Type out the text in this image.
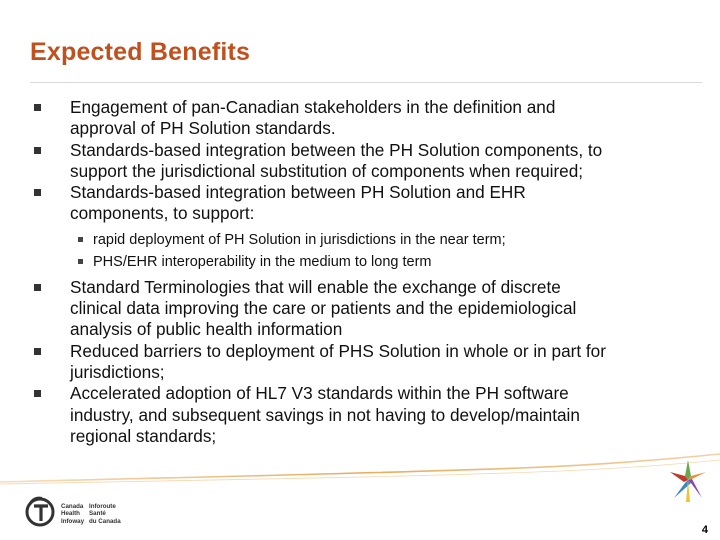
Expected Benefits
Engagement of pan-Canadian stakeholders in the definition and
approval of PH Solution standards.
Standards-based integration between the PH Solution components, to
support the jurisdictional substitution of components when required;
Standards-based integration between PH Solution and EHR
components, to support:
rapid deployment of PH Solution in jurisdictions in the near term;
PHS/EHR interoperability in the medium to long term
Standard Terminologies that will enable the exchange of discrete
clinical data improving the care or patients and the epidemiological
analysis of public health information
Reduced barriers to deployment of PHS Solution in whole or in part for
jurisdictions;
Accelerated adoption of HL7 V3 standards within the PH software
industry, and subsequent savings in not having to develop/maintain
regional standards;
Canada
Health
Infoway
Inforoute
Santé
du Canada
4
